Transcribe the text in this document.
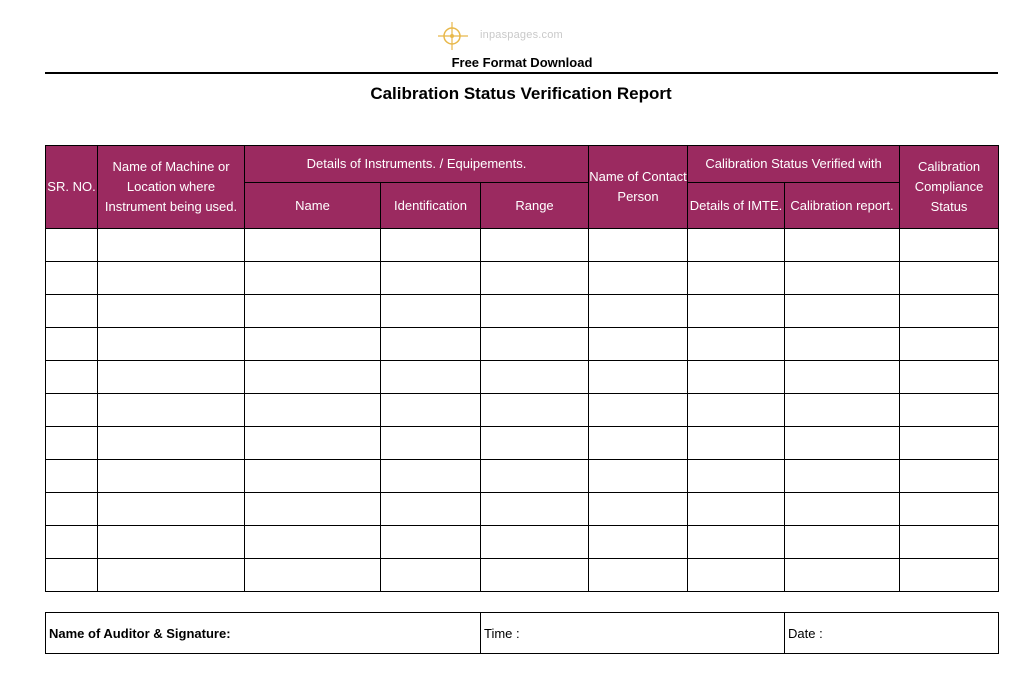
inpaspages.com
Free Format Download
Calibration Status Verification Report
SR. NO.	Name of Machine or Location where Instrument being used.	Details of Instruments. / Equipements.			Name of Contact Person	Calibration Status Verified with		Calibration Compliance Status
		Name	Identification	Range		Details of IMTE.	Calibration report.	

Name of Auditor & Signature:	Time :	Date :
